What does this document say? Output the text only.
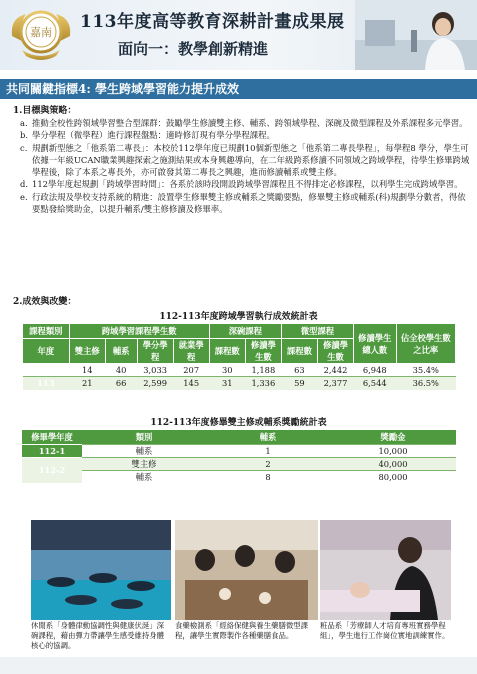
嘉南
113年度高等教育深耕計畫成果展
面向一：教學創新精進
共同關鍵指標4: 學生跨域學習能力提升成效
1.目標與策略：
a. 推動全校性跨領域學習整合型課群：鼓勵學生修讀雙主修、輔系、跨領域學程、深碗及微型課程及外系課程多元學習。
b. 學分學程（微學程）進行課程盤點：適時修訂現有學分學程課程。
c. 規劃新型態之「他系第二專長」：本校於112學年度已規劃10個新型態之「他系第二專長學程」，每學程8 學分，學生可依據一年級UCAN職業興趣探索之施測結果或本身興趣導向，在二年級跨系修讀不同領域之跨域學程，待學生修畢跨域學程後，除了本系之專長外，亦可啟發其第二專長之興趣，進而修讀輔系或雙主修。
d. 112學年度起規劃「跨域學習時間」：各系於該時段開設跨域學習課程且不得排定必修課程，以利學生完成跨域學習。
e. 行政法規及學校支持系統的精進：設置學生修畢雙主修或輔系之獎勵要點，修畢雙主修或輔系(科)規劃學分數者，得依要點發給獎助金，以提升輔系/雙主修修讀及修畢率。
2.成效與改變：
112-113年度跨域學習執行成效統計表
課程類別	跨域學習課程學生數				深碗課程		微型課程		修讀學生總人數	佔全校學生數之比率
年度	雙主修	輔系	學分學程	就業學程	課程數	修讀學生數	課程數	修讀學生數		
112	14	40	3,033	207	30	1,188	63	2,442	6,948	35.4%
113	21	66	2,599	145	31	1,336	59	2,377	6,544	36.5%
112-113年度修畢雙主修或輔系獎勵統計表
修畢學年度	類別	輔系	獎勵金
112-1	輔系	1	10,000
112-2	雙主修	2	40,000
	輔系	8	80,000
休閒系「身體律動協調性與健康伏涎」深碗課程，藉由彈力帶讓學生感受維持身體核心的協調。
食藥檢測系「經絡保健與養生藥膳微型課程，讓學生實際製作各種藥膳食品。
粧品系「芳療師人才培育專班實務學程組」，學生進行工作崗位實地訓練實作。
